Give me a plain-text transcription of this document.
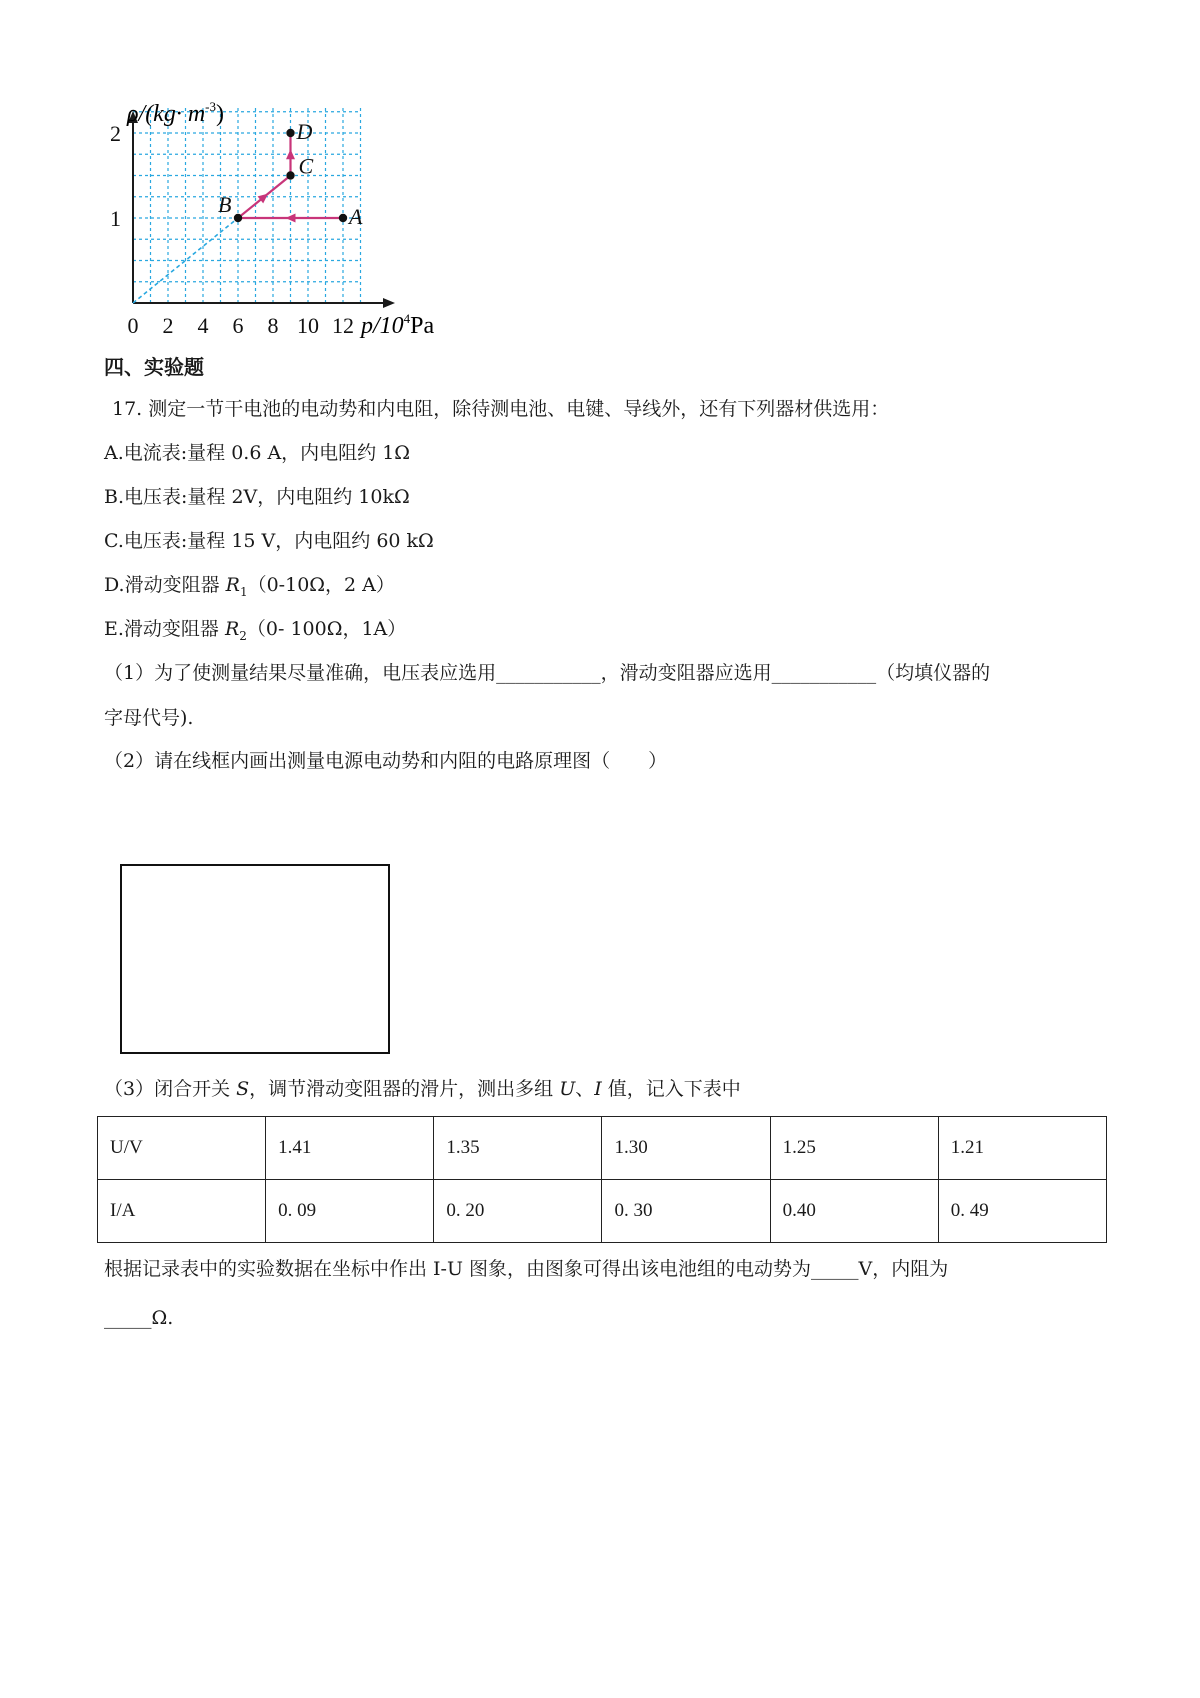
A
B
C
D
0 2 4 6 8 10 12
2
1
$\rho/(kg\cdot m^{-3})$
$p/10^4Pa$
四、实验题
17. 测定一节干电池的电动势和内电阻，除待测电池、电键、导线外，还有下列器材供选用：
A.电流表:量程 0.6 A，内电阻约 1Ω
B.电压表:量程 2V，内电阻约 10kΩ
C.电压表:量程 15 V，内电阻约 60 kΩ
D.滑动变阻器 $R_1(0-10\Omega$，2 A）
E.滑动变阻器 $R_2(0-$ 100Ω，1A）
（1）为了使测量结果尽量准确，电压表应选用___________，滑动变阻器应选用___________（均填仪器的
字母代号).
（2）请在线框内画出测量电源电动势和内阻的电路原理图（　　）
（3）闭合开关 S，调节滑动变阻器的滑片，测出多组 U、I 值，记入下表中
U/V	1.41	1.35	1.30	1.25	1.21
I/A	0. 09	0. 20	0. 30	0.40	0. 49
根据记录表中的实验数据在坐标中作出 I-U 图象，由图象可得出该电池组的电动势为_____V，内阻为
_____Ω.
